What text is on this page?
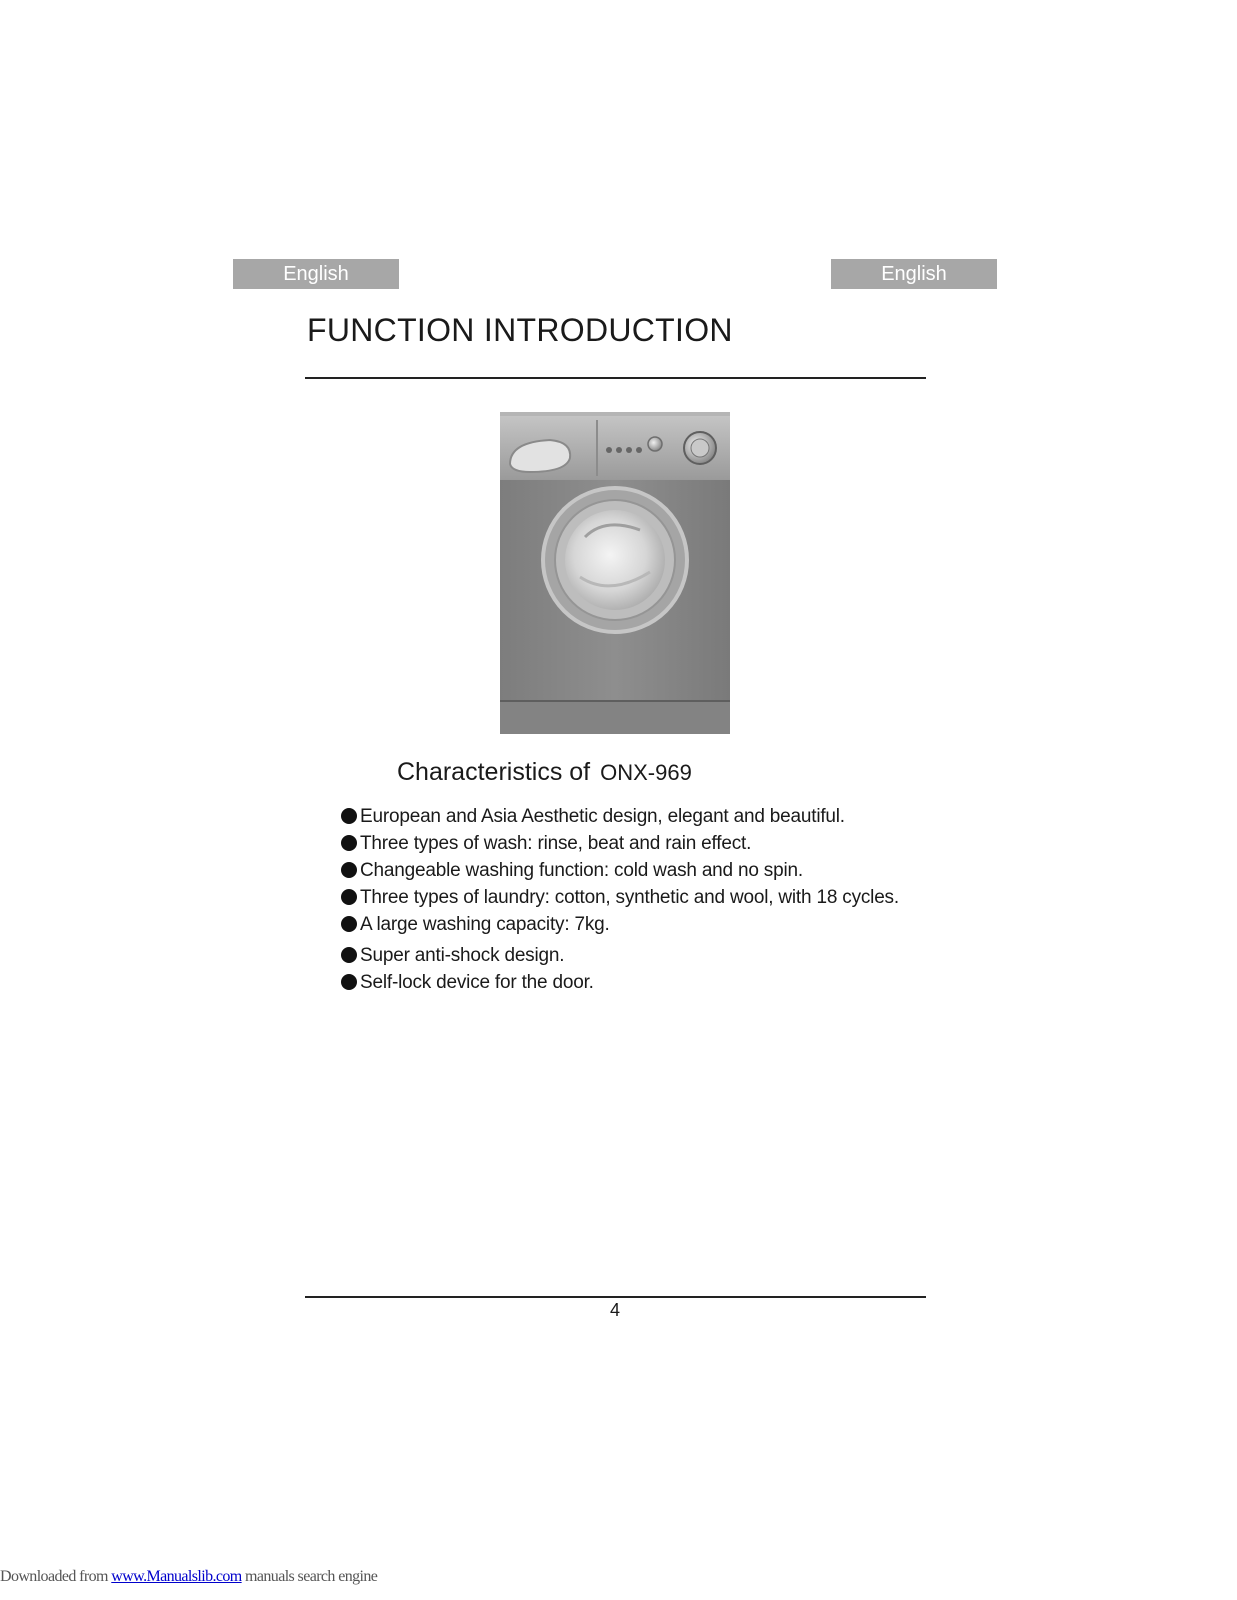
English	English
FUNCTION INTRODUCTION
Characteristics of ONX-969
European and Asia Aesthetic design, elegant and beautiful.
Three types of wash: rinse, beat and rain effect.
Changeable washing function: cold wash and no spin.
Three types of laundry: cotton, synthetic and wool, with 18 cycles.
A large washing capacity: 7kg.
Super anti-shock design.
Self-lock device for the door.
4
Downloaded from www.Manualslib.com manuals search engine
